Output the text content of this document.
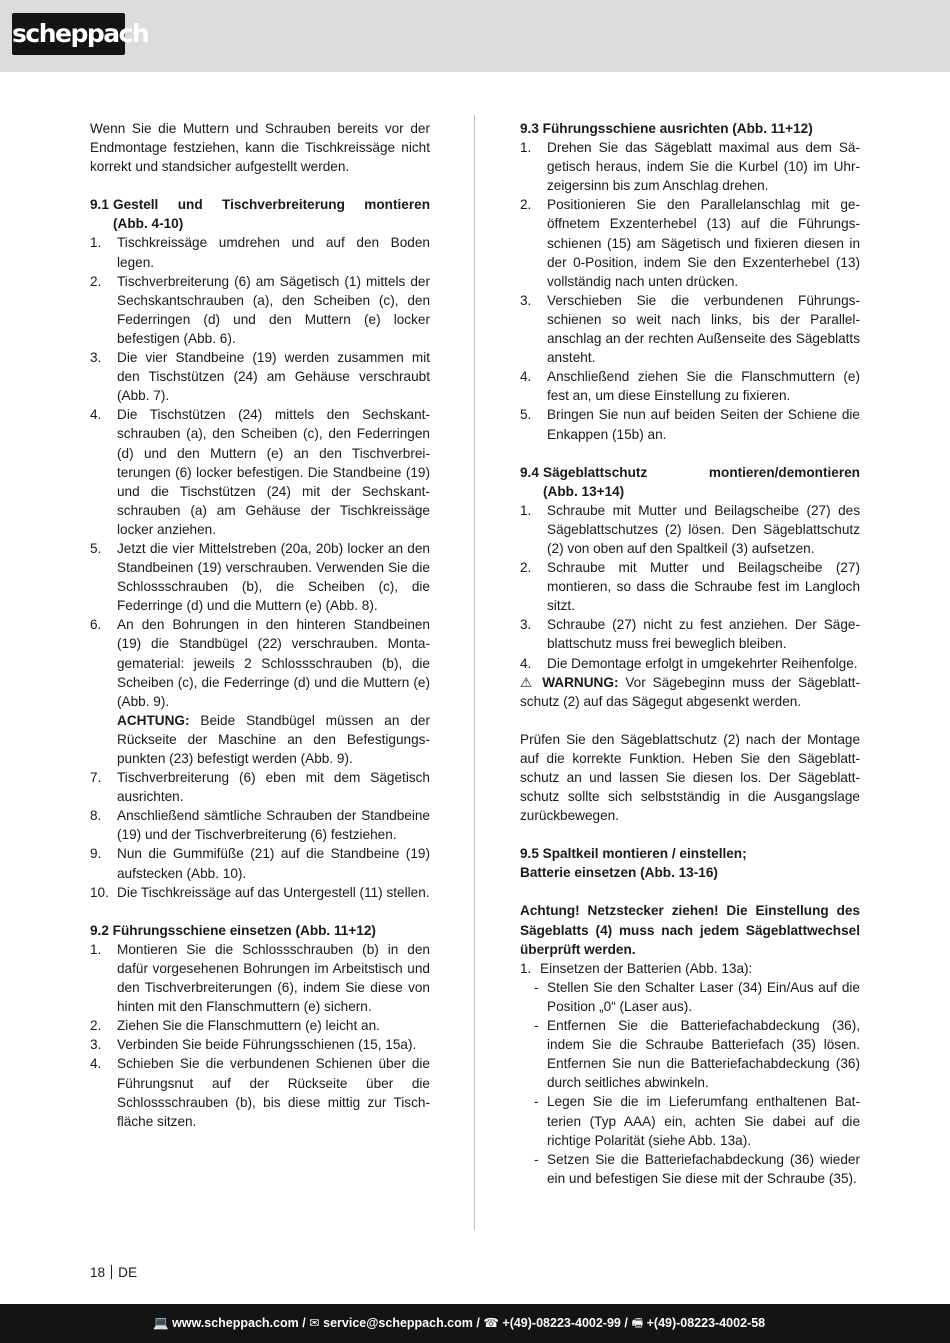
scheppach

Wenn Sie die Muttern und Schrauben bereits vor der Endmontage festziehen, kann die Tischkreissäge nicht korrekt und standsicher aufgestellt werden.

9.1 Gestell und Tischverbreiterung montieren
(Abb. 4-10)
1.	Tischkreissäge umdrehen und auf den Boden legen.
2.	Tischverbreiterung (6) am Sägetisch (1) mittels der Sechskantschrauben (a), den Scheiben (c), den Federringen (d) und den Muttern (e) locker befestigen (Abb. 6).
3.	Die vier Standbeine (19) werden zusammen mit den Tischstützen (24) am Gehäuse verschraubt (Abb. 7).
4.	Die Tischstützen (24) mittels den Sechskantschrauben (a), den Scheiben (c), den Federringen (d) und den Muttern (e) an den Tischverbreiterungen (6) locker befestigen. Die Standbeine (19) und die Tischstützen (24) mit der Sechskantschrauben (a) am Gehäuse der Tischkreissäge locker anziehen.
5.	Jetzt die vier Mittelstreben (20a, 20b) locker an den Standbeinen (19) verschrauben. Verwenden Sie die Schlossschrauben (b), die Scheiben (c), die Federringe (d) und die Muttern (e) (Abb. 8).
6.	An den Bohrungen in den hinteren Standbeinen (19) die Standbügel (22) verschrauben. Montagematerial: jeweils 2 Schlossschrauben (b), die Scheiben (c), die Federringe (d) und die Muttern (e) (Abb. 9).
ACHTUNG: Beide Standbügel müssen an der Rückseite der Maschine an den Befestigungspunkten (23) befestigt werden (Abb. 9).
7.	Tischverbreiterung (6) eben mit dem Sägetisch ausrichten.
8.	Anschließend sämtliche Schrauben der Standbeine (19) und der Tischverbreiterung (6) festziehen.
9.	Nun die Gummifüße (21) auf die Standbeine (19) aufstecken (Abb. 10).
10. Die Tischkreissäge auf das Untergestell (11) stellen.
9.2 Führungsschiene einsetzen (Abb. 11+12)
1.	Montieren Sie die Schlossschrauben (b) in den dafür vorgesehenen Bohrungen im Arbeitstisch und den Tischverbreiterungen (6), indem Sie diese von hinten mit den Flanschmuttern (e) sichern.
2.	Ziehen Sie die Flanschmuttern (e) leicht an.
3.	Verbinden Sie beide Führungsschienen (15, 15a).
4.	Schieben Sie die verbundenen Schienen über die Führungsnut auf der Rückseite über die Schlossschrauben (b), bis diese mittig zur Tischfläche sitzen.
9.3 Führungsschiene ausrichten (Abb. 11+12)
1.	Drehen Sie das Sägeblatt maximal aus dem Sägetisch heraus, indem Sie die Kurbel (10) im Uhrzeigersinn bis zum Anschlag drehen.
2.	Positionieren Sie den Parallelanschlag mit geöffnetem Exzenterhebel (13) auf die Führungsschienen (15) am Sägetisch und fixieren diesen in der 0-Position, indem Sie den Exzenterhebel (13) vollständig nach unten drücken.
3.	Verschieben Sie die verbundenen Führungsschienen so weit nach links, bis der Parallelanschlag an der rechten Außenseite des Sägeblatts ansteht.
4.	Anschließend ziehen Sie die Flanschmuttern (e) fest an, um diese Einstellung zu fixieren.
5.	Bringen Sie nun auf beiden Seiten der Schiene die Enkappen (15b) an.
9.4 Sägeblattschutz	montieren/demontieren
(Abb. 13+14)
1.	Schraube mit Mutter und Beilagscheibe (27) des Sägeblattschutzes (2) lösen. Den Sägeblattschutz (2) von oben auf den Spaltkeil (3) aufsetzen.
2.	Schraube mit Mutter und Beilagscheibe (27) montieren, so dass die Schraube fest im Langloch sitzt.
3.	Schraube (27) nicht zu fest anziehen. Der Sägeblattschutz muss frei beweglich bleiben.
4.	Die Demontage erfolgt in umgekehrter Reihenfolge.

⚠ WARNUNG: Vor Sägebeginn muss der Sägeblattschutz (2) auf das Sägegut abgesenkt werden.

Prüfen Sie den Sägeblattschutz (2) nach der Montage auf die korrekte Funktion. Heben Sie den Sägeblattschutz an und lassen Sie diesen los. Der Sägeblattschutz sollte sich selbstständig in die Ausgangslage zurückbewegen.

9.5 Spaltkeil montieren / einstellen;
Batterie einsetzen (Abb. 13-16)

Achtung! Netzstecker ziehen! Die Einstellung des Sägeblatts (4) muss nach jedem Sägeblattwechsel überprüft werden.

1. Einsetzen der Batterien (Abb. 13a):
- Stellen Sie den Schalter Laser (34) Ein/Aus auf die Position „0“ (Laser aus).
- Entfernen Sie die Batteriefachabdeckung (36), indem Sie die Schraube Batteriefach (35) lösen. Entfernen Sie nun die Batteriefachabdeckung (36) durch seitliches abwinkeln.
- Legen Sie die im Lieferumfang enthaltenen Batterien (Typ AAA) ein, achten Sie dabei auf die richtige Polarität (siehe Abb. 13a).
- Setzen Sie die Batteriefachabdeckung (36) wieder ein und befestigen Sie diese mit der Schraube (35).
18 DE
💻 www.scheppach.com / ✉ service@scheppach.com / ☎ +(49)-08223-4002-99 / 🖷 +(49)-08223-4002-58
